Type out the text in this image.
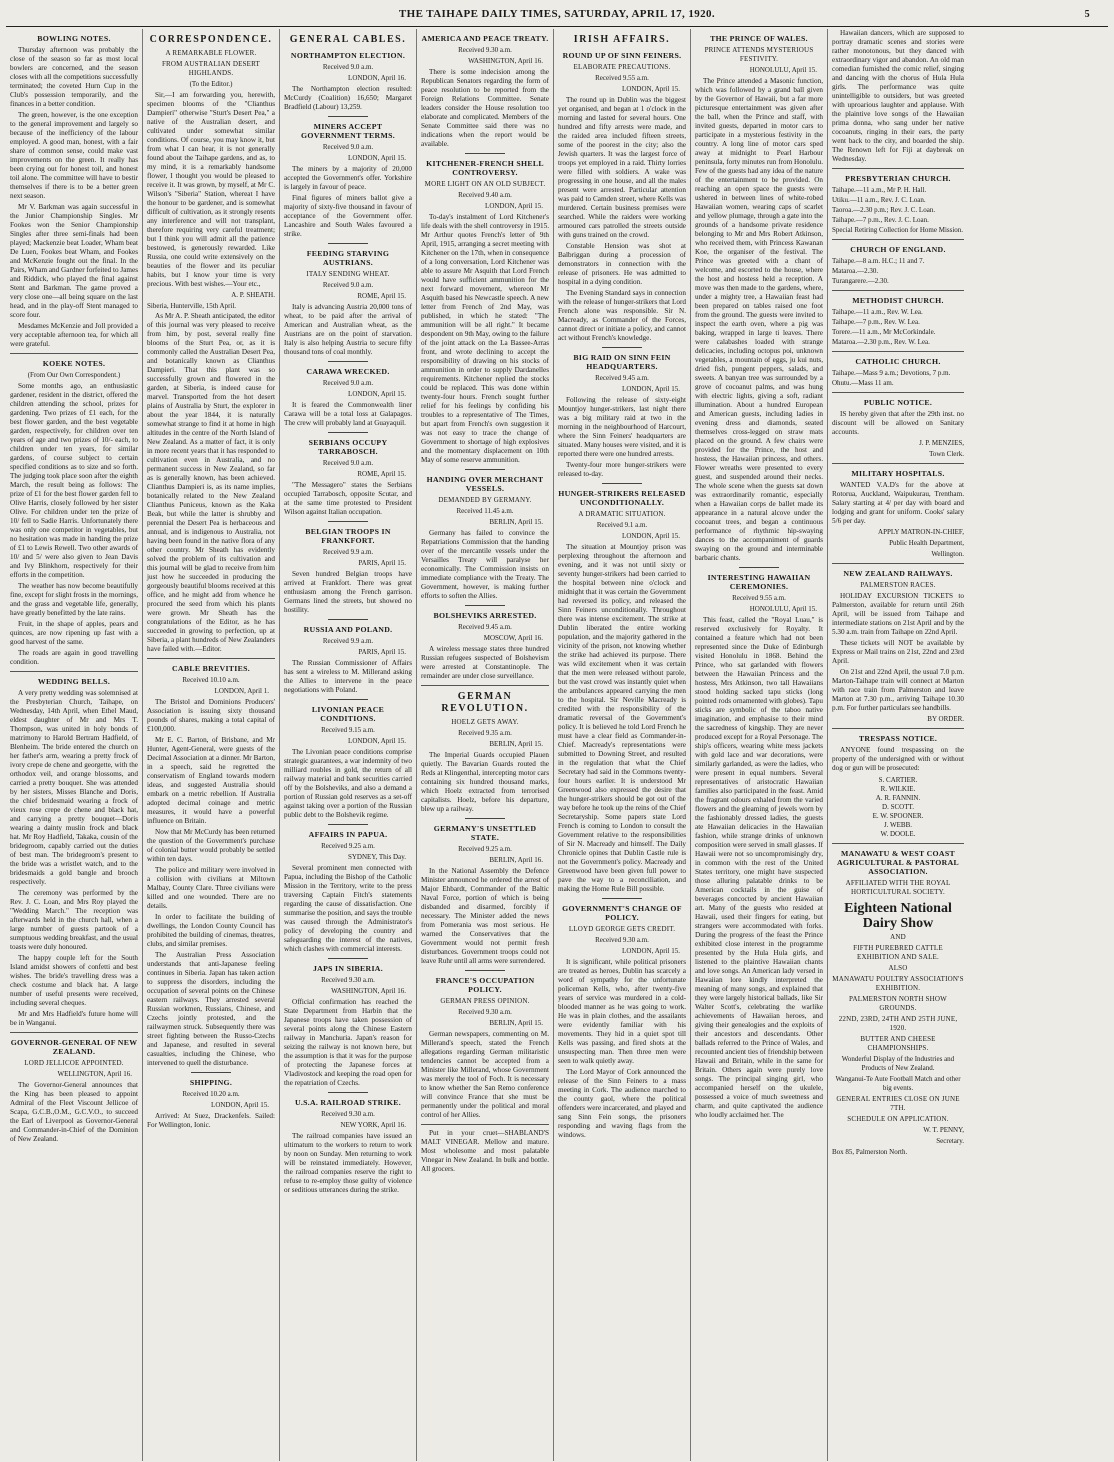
THE TAIHAPE DAILY TIMES, SATURDAY, APRIL 17, 1920.	5
BOWLING NOTES.

Thursday afternoon was probably the close of the season so far as most local bowlers are concerned, and the season closes with all the competitions successfully terminated; the coveted Hurn Cup in the Club's possession temporarily, and the finances in a better condition.

The green, however, is the one exception to the general improvement and largely so because of the inefficiency of the labour employed. A good man, honest, with a fair share of common sense, could make vast improvements on the green. It really has been crying out for honest toil, and honest toil alone. The committee will have to bestir themselves if there is to be a better green next season.

Mr V. Barkman was again successful in the Junior Championship Singles. Mr Fookes won the Senior Championship Singles after three semi-finals had been played; Mackenzie beat Loader, Wham beat De Luen, Fookes beat Wham, and Fookes and McKenzie fought out the final. In the Pairs, Wham and Gardner forfeited to James and Riddick, who played the final against Stent and Barkman. The game proved a very close one—all being square on the last head, and in the play-off Stent managed to score four.

Mesdames McKenzie and Joll provided a very acceptable afternoon tea, for which all were grateful.

KOEKE NOTES.
(From Our Own Correspondent.)

Some months ago, an enthusiastic gardener, resident in the district, offered the children attending the school, prizes for gardening. Two prizes of £1 each, for the best flower garden, and the best vegetable garden, respectively, for children over ten years of age and two prizes of 10/- each, to children under ten years, for similar gardens, of course subject to certain specified conditions as to size and so forth. The judging took place soon after the eighth March, the result being as follows: The prize of £1 for the best flower garden fell to Olive Harris, closely followed by her sister Olive. For children under ten the prize of 10/ fell to Sadie Harris. Unfortunately there was only one competitor in vegetables, but no hesitation was made in handing the prize of £1 to Lewis Rewell. Two other awards of 10/ and 5/ were also given to Jean Davis and Ivy Blinkhorn, respectively for their efforts in the competition.

The weather has now become beautifully fine, except for slight frosts in the mornings, and the grass and vegetable life, generally, have greatly benefitted by the late rains.

Fruit, in the shape of apples, pears and quinces, are now ripening up fast with a good harvest of the same.

The roads are again in good travelling condition.

WEDDING BELLS.

A very pretty wedding was solemnised at the Presbyterian Church, Taihape, on Wednesday, 14th April, when Ethel Maud, eldest daughter of Mr and Mrs T. Thompson, was united in holy bonds of matrimony to Harold Bertram Hadfield, of Blenheim. The bride entered the church on her father's arm, wearing a pretty frock of ivory crepe de chene and georgette, with the orthodox veil, and orange blossoms, and carried a pretty bouquet. She was attended by her sisters, Misses Blanche and Doris, the chief bridesmaid wearing a frock of vieux rose crepe de chene and black hat, and carrying a pretty bouquet—Doris wearing a dainty muslin frock and black hat. Mr Roy Hadfield, Takaka, cousin of the bridegroom, capably carried out the duties of best man. The bridegroom's present to the bride was a wristlet watch, and to the bridesmaids a gold bangle and brooch respectively.

The ceremony was performed by the Rev. J. C. Loan, and Mrs Roy played the "Wedding March." The reception was afterwards held in the church hall, when a large number of guests partook of a sumptuous wedding breakfast, and the usual toasts were duly honoured.

The happy couple left for the South Island amidst showers of confetti and best wishes. The bride's travelling dress was a check costume and black hat. A large number of useful presents were received, including several cheques.

Mr and Mrs Hadfield's future home will be in Wanganui.

GOVERNOR-GENERAL OF NEW ZEALAND.
LORD JELLICOE APPOINTED.
WELLINGTON, April 16.

The Governor-General announces that the King has been pleased to appoint Admiral of the Fleet Viscount Jellicoe of Scapa, G.C.B.,O.M., G.C.V.O., to succeed the Earl of Liverpool as Governor-General and Commander-in-Chief of the Dominion of New Zealand.

CORRESPONDENCE.
A REMARKABLE FLOWER.
FROM AUSTRALIAN DESERT HIGHLANDS.
(To the Editor.)

Sir,—I am forwarding you, herewith, specimen blooms of the "Clianthus Dampieri" otherwise "Sturt's Desert Pea," a native of the Australian desert, and cultivated under somewhat similar conditions. Of course, you may know it, but from what I can hear, it is not generally found about the Taihape gardens, and as, to my mind, it is a remarkably handsome flower, I thought you would be pleased to receive it. It was grown, by myself, at Mr C. Wilson's "Siberia" Station, whereat I have the honour to be gardener, and is somewhat difficult of cultivation, as it strongly resents any interference and will not transplant, therefore requiring very careful treatment; but I think you will admit all the patience bestowed, is generously rewarded. Like Russia, one could write extensively on the beauties of the flower and its peculiar habits, but I know your time is very precious. With best wishes.—Your etc.,

A. P. SHEATH.
Siberia, Hunterville, 15th April.

As Mr A. P. Sheath anticipated, the editor of this journal was very pleased to receive from him, by post, several really fine blooms of the Sturt Pea, or, as it is commonly called the Australian Desert Pea, and botanically known as Clianthus Dampieri. That this plant was so successfully grown and flowered in the garden, at Siberia, is indeed cause for marvel. Transported from the hot desert plains of Australia by Sturt, the explorer in about the year 1844, it is naturally somewhat strange to find it at home in high altitudes in the centre of the North Island of New Zealand. As a matter of fact, it is only in more recent years that it has responded to cultivation even in Australia, and no permanent success in New Zealand, so far as is generally known, has been achieved. Clianthus Dampieri is, as its name implies, botanically related to the New Zealand Clianthus Puniceus, known as the Kaka Beak, but while the latter is shrubby and perennial the Desert Pea is herbaceous and annual, and is indigenous to Australia, not having been found in the native flora of any other country. Mr Sheath has evidently solved the problem of its cultivation and this journal will be glad to receive from him just how he succeeded in producing the gorgeously beautiful blooms received at this office, and he might add from whence he procured the seed from which his plants were grown. Mr Sheath has the congratulations of the Editor, as he has succeeded in growing to perfection, up at Siberia, a plant hundreds of New Zealanders have failed with.—Editor.

CABLE BREVITIES.
Received 10.10 a.m.
LONDON, April 1.

The Bristol and Dominions Producers' Association is issuing sixty thousand pounds of shares, making a total capital of £100,000.

Mr E. C. Barton, of Brisbane, and Mr Hunter, Agent-General, were guests of the Decimal Association at a dinner. Mr Barton, in a speech, said he regretted the conservatism of England towards modern ideas, and suggested Australia should embark on a metric rebellion. If Australia adopted decimal coinage and metric measures, it would have a powerful influence on Britain.

Now that Mr McCurdy has been returned the question of the Government's purchase of colonial butter would probably be settled within ten days.

The police and military were involved in a collision with civilians at Miltown Malbay, County Clare. Three civilians were killed and one wounded. There are no details.

In order to facilitate the building of dwellings, the London County Council has prohibited the building of cinemas, theatres, clubs, and similar premises.

The Australian Press Association understands that anti-Japanese feeling continues in Siberia. Japan has taken action to suppress the disorders, including the occupation of several points on the Chinese eastern railways. They arrested several Russian workmen, Russians, Chinese, and Czechs jointly protested, and the railwaymen struck. Subsequently there was street fighting between the Russo-Czechs and Japanese, and resulted in several casualties, including the Chinese, who intervened to quell the disturbance.

SHIPPING.
Received 10.20 a.m.
LONDON, April 15.

Arrived: At Suez, Drackenfels. Sailed: For Wellington, Ionic.

GENERAL CABLES.
NORTHAMPTON ELECTION.
Received 9.0 a.m.
LONDON, April 16.

The Northampton election resulted: McCurdy (Coalition) 16,650; Margaret Bradfield (Labour) 13,259.

MINERS ACCEPT GOVERNMENT TERMS.
Received 9.0 a.m.
LONDON, April 15.

The miners by a majority of 20,000 accepted the Government's offer. Yorkshire is largely in favour of peace.

Final figures of miners ballot give a majority of sixty-five thousand in favour of acceptance of the Government offer. Lancashire and South Wales favoured a strike.

FEEDING STARVING AUSTRIANS.
ITALY SENDING WHEAT.
Received 9.0 a.m.
ROME, April 15.

Italy is advancing Austria 20,000 tons of wheat, to be paid after the arrival of American and Australian wheat, as the Austrians are on the point of starvation. Italy is also helping Austria to secure fifty thousand tons of coal monthly.

CARAWA WRECKED.
Received 9.0 a.m.
LONDON, April 15.

It is feared the Commonwealth liner Carawa will be a total loss at Galapagos. The crew will probably land at Guayaquil.

SERBIANS OCCUPY TARRABOSCH.
Received 9.0 a.m.
ROME, April 15.

"The Messagero" states the Serbians occupied Tarrabosch, opposite Scutar, and at the same time protested to President Wilson against Italian occupation.

BELGIAN TROOPS IN FRANKFORT.
Received 9.9 a.m.
PARIS, April 15.

Seven hundred Belgian troops have arrived at Frankfort. There was great enthusiasm among the French garrison. Germans lined the streets, but showed no hostility.

RUSSIA AND POLAND.
Received 9.9 a.m.
PARIS, April 15.

The Russian Commissioner of Affairs has sent a wireless to M. Millerand asking the Allies to intervene in the peace negotiations with Poland.

LIVONIAN PEACE CONDITIONS.
Received 9.15 a.m.
LONDON, April 15.

The Livonian peace conditions comprise strategic guarantees, a war indemnity of two milliard roubles in gold, the return of all railway material and bank securities carried off by the Bolsheviks, and also a demand a portion of Russian gold reserves as a set-off against taking over a portion of the Russian public debt to the Bolshevik regime.

AFFAIRS IN PAPUA.
Received 9.25 a.m.
SYDNEY, This Day.

Several prominent men connected with Papua, including the Bishop of the Catholic Mission in the Territory, write to the press traversing Captain Fitch's statements regarding the cause of dissatisfaction. One summarise the position, and says the trouble was caused through the Administrator's policy of developing the country and safeguarding the interest of the natives, which clashes with commercial interests.

JAPS IN SIBERIA.
Received 9.30 a.m.
WASHINGTON, April 16.

Official confirmation has reached the State Department from Harbin that the Japanese troops have taken possession of several points along the Chinese Eastern railway in Manchuria. Japan's reason for seizing the railway is not known here, but the assumption is that it was for the purpose of protecting the Japanese forces at Vladivostock and keeping the road open for the repatriation of Czechs.

U.S.A. RAILROAD STRIKE.
Received 9.30 a.m.
NEW YORK, April 16.

The railroad companies have issued an ultimatum to the workers to return to work by noon on Sunday. Men returning to work will be reinstated immediately. However, the railroad companies reserve the right to refuse to re-employ those guilty of violence or seditious utterances during the strike.

AMERICA AND PEACE TREATY.
Received 9.30 a.m.
WASHINGTON, April 16.

There is some indecision among the Republican Senators regarding the form of peace resolution to be reported from the Foreign Relations Committee. Senate leaders consider the House resolution too elaborate and complicated. Members of the Senate Committee said there was no indications when the report would be available.

KITCHENER-FRENCH SHELL CONTROVERSY.
MORE LIGHT ON AN OLD SUBJECT.
Received 9.40 a.m.
LONDON, April 15.

To-day's instalment of Lord Kitchener's life deals with the shell controversy in 1915. Mr Arthur quotes French's letter of 9th April, 1915, arranging a secret meeting with Kitchener on the 17th, when in consequence of a long conversation, Lord Kitchener was able to assure Mr Asquith that Lord French would have sufficient ammunition for the next forward movement, whereon Mr Asquith based his Newcastle speech. A new letter from French of 2nd May, was published, in which he stated: "The ammunition will be all right." It became despondent on 9th May, owing to the failure of the joint attack on the La Bassee-Arras front, and wrote declining to accept the responsibility of drawing on his stocks of ammunition in order to supply Dardanelles requirements. Kitchener replied the stocks could be replaced. This was done within twenty-four hours. French sought further relief for his feelings by confiding his troubles to a representative of The Times, but apart from French's own suggestion it was not easy to trace the change of Government to shortage of high explosives and the momentary displacement on 10th May of some reserve ammunition.

HANDING OVER MERCHANT VESSELS.
DEMANDED BY GERMANY.
Received 11.45 a.m.
BERLIN, April 15.

Germany has failed to convince the Repatriations Commission that the handing over of the mercantile vessels under the Versailles Treaty will paralyse her economically. The Commission insists on immediate compliance with the Treaty. The Government, however, is making further efforts to soften the Allies.

BOLSHEVIKS ARRESTED.
Received 9.45 a.m.
MOSCOW, April 16.

A wireless message states three hundred Russian refugees suspected of Bolshevism were arrested at Constantinople. The remainder are under close surveillance.

GERMAN REVOLUTION.
HOELZ GETS AWAY.
Received 9.35 a.m.
BERLIN, April 15.

The Imperial Guards occupied Plauen quietly. The Bavarian Guards routed the Reds at Klingenthal, intercepting motor cars containing six hundred thousand marks, which Hoelz extracted from terrorised capitalists. Hoelz, before his departure, blew up a railway.

GERMANY'S UNSETTLED STATE.
Received 9.25 a.m.
BERLIN, April 16.

In the National Assembly the Defence Minister announced he ordered the arrest of Major Ehbardt, Commander of the Baltic Naval Force, portion of which is being disbanded and disarmed, forcibly if necessary. The Minister added the news from Pomerania was most serious. He warned the Conservatives that the Government would not permit fresh disturbances. Government troops could not leave Ruhr until all arms were surrendered.

FRANCE'S OCCUPATION POLICY.
GERMAN PRESS OPINION.
Received 9.30 a.m.
BERLIN, April 15.

German newspapers, commenting on M. Millerand's speech, stated the French allegations regarding German militaristic tendencies cannot be accepted from a Minister like Millerand, whose Government was merely the tool of Foch. It is necessary to know whether the San Remo conference will convince France that she must be permanently under the political and moral control of her Allies.

Put in your cruet—SHABLAND'S MALT VINEGAR. Mellow and mature. Most wholesome and most palatable Vinegar in New Zealand. In bulk and bottle. All grocers.

IRISH AFFAIRS.
ROUND UP OF SINN FEINERS.
ELABORATE PRECAUTIONS.
Received 9.55 a.m.
LONDON, April 15.

The round up in Dublin was the biggest yet organised, and began at 1 o'clock in the morning and lasted for several hours. One hundred and fifty arrests were made, and the raided area included fifteen streets, some of the poorest in the city; also the Jewish quarters. It was the largest force of troops yet employed in a raid. Thirty lorries were filled with soldiers. A wake was progressing in one house, and all the males present were arrested. Particular attention was paid to Camden street, where Kells was murdered. Certain business premises were searched. While the raiders were working armoured cars patrolled the streets outside with guns trained on the crowd.

Constable Hension was shot at Balbriggan during a procession of demonstrators in connection with the release of prisoners. He was admitted to hospital in a dying condition.

The Evening Standard says in connection with the release of hunger-strikers that Lord French alone was responsible. Sir N. Macready, as Commander of the Forces, cannot direct or initiate a policy, and cannot act without French's knowledge.

BIG RAID ON SINN FEIN HEADQUARTERS.
Received 9.45 a.m.
LONDON, April 15.

Following the release of sixty-eight Mountjoy hunger-strikers, last night there was a big military raid at two in the morning in the neighbourhood of Harcourt, where the Sinn Feiners' headquarters are situated. Many houses were visited, and it is reported there were one hundred arrests.

Twenty-four more hunger-strikers were released to-day.

HUNGER-STRIKERS RELEASED UNCONDITIONALLY.
A DRAMATIC SITUATION.
Received 9.1 a.m.
LONDON, April 15.

The situation at Mountjoy prison was perplexing throughout the afternoon and evening, and it was not until sixty or seventy hunger-strikers had been carried to the hospital between nine o'clock and midnight that it was certain the Government had reversed its policy, and released the Sinn Feiners unconditionally. Throughout there was intense excitement. The strike at Dublin liberated the entire working population, and the majority gathered in the vicinity of the prison, not knowing whether the strike had achieved its purpose. There was wild excitement when it was certain that the men were released without parole, but the vast crowd was instantly quiet when the ambulances appeared carrying the men to the hospital. Sir Neville Macready is credited with the responsibility of the dramatic reversal of the Government's policy. It is believed he told Lord French he must have a clear field as Commander-in-Chief. Macready's representations were submitted to Downing Street, and resulted in the regulation that what the Chief Secretary had said in the Commons twenty-four hours earlier. It is understood Mr Greenwood also expressed the desire that the hunger-strikers should be got out of the way before he took up the reins of the Chief Secretaryship. Some papers state Lord French is coming to London to consult the Government relative to the responsibilities of Sir N. Macready and himself. The Daily Chronicle opines that Dublin Castle rule is not the Government's policy. Macready and Greenwood have been given full power to pave the way to a reconciliation, and making the Home Rule Bill possible.

GOVERNMENT'S CHANGE OF POLICY.
LLOYD GEORGE GETS CREDIT.
Received 9.30 a.m.
LONDON, April 15.

It is significant, while political prisoners are treated as heroes, Dublin has scarcely a word of sympathy for the unfortunate policeman Kells, who, after twenty-five years of service was murdered in a cold-blooded manner as he was going to work. He was in plain clothes, and the assailants were evidently familiar with his movements. They hid in a quiet spot till Kells was passing, and fired shots at the unsuspecting man. Then three men were seen to walk quietly away.

The Lord Mayor of Cork announced the release of the Sinn Feiners to a mass meeting in Cork. The audience marched to the county gaol, where the political offenders were incarcerated, and played and sang Sinn Fein songs, the prisoners responding and waving flags from the windows.

THE PRINCE OF WALES.
PRINCE ATTENDS MYSTERIOUS FESTIVITY.
HONOLULU, April 15.

The Prince attended a Masonic function, which was followed by a grand ball given by the Governor of Hawaii, but a far more picturesque entertainment was given after the ball, when the Prince and staff, with invited guests, departed in motor cars to participate in a mysterious festivity in the country. A long line of motor cars sped away at midnight to Pearl Harbour peninsula, forty minutes run from Honolulu. Few of the guests had any idea of the nature of the entertainment to be provided. On reaching an open space the guests were ushered in between lines of white-robed Hawaiian women, wearing caps of scarlet and yellow plumage, through a gate into the grounds of a handsome private residence belonging to Mr and Mrs Robert Atkinson, who received them, with Princess Kawanan Koe, the organiser of the festival. The Prince was greeted with a chant of welcome, and escorted to the house, where the host and hostess held a reception. A move was then made to the gardens, where, under a mighty tree, a Hawaiian feast had been prepared on tables raised one foot from the ground. The guests were invited to inspect the earth oven, where a pig was baking, wrapped in large ti leaves. There were calabashes loaded with strange delicacies, including octopus poi, unknown vegetables, a mountain of eggs, ju kui nuts, dried fish, pungent peppers, salads, and sweets. A banyan tree was surrounded by a grove of cocoanut palms, and was hung with electric lights, giving a soft, radiant illumination. About a hundred European and American guests, including ladies in evening dress and diamonds, seated themselves cross-legged on straw mats placed on the ground. A few chairs were provided for the Prince, the host and hostess, the Hawaiian princess, and others. Flower wreaths were presented to every guest, and suspended around their necks. The whole scene when the guests sat down was extraordinarily romantic, especially when a Hawaiian corps de ballet made its appearance in a natural alcove under the cocoanut trees, and began a continuous performance of rhythmic hip-swaying dances to the accompaniment of guards swaying on the ground and interminable barbaric chants.

INTERESTING HAWAIIAN CEREMONIES.
Received 9.55 a.m.
HONOLULU, April 15.

This feast, called the "Royal Luau," is reserved exclusively for Royalty. It contained a feature which had not been represented since the Duke of Edinburgh visited Honolulu in 1868. Behind the Prince, who sat garlanded with flowers between the Hawaiian Princess and the hostess, Mrs Atkinson, two tall Hawaiians stood holding sacked tapu sticks (long pointed rods ornamented with globes). Tapu sticks are symbolic of the taboo native imagination, and emphasise to their mind the sacredness of kingship. They are never produced except for a Royal Personage. The ship's officers, wearing white mess jackets with gold lace and war decorations, were similarly garlanded, as were the ladies, who were present in equal numbers. Several representatives of aristocratic Hawaiian families also participated in the feast. Amid the fragrant odours exhaled from the varied flowers and the gleaming of jewels worn by the fashionably dressed ladies, the guests ate Hawaiian delicacies in the Hawaiian fashion, while strange drinks of unknown composition were served in small glasses. If Hawaii were not so uncompromisingly dry, in common with the rest of the United States territory, one might have suspected those alluring palatable drinks to be American cocktails in the guise of beverages concocted by ancient Hawaiian art. Many of the guests who resided at Hawaii, used their fingers for eating, but strangers were accommodated with forks. During the progress of the feast the Prince exhibited close interest in the programme presented by the Hula Hula girls, and listened to the plaintive Hawaiian chants and love songs. An American lady versed in Hawaiian lore kindly interpreted the meaning of many songs, and explained that they were largely historical ballads, like Sir Walter Scott's, celebrating the warlike achievements of Hawaiian heroes, and giving their genealogies and the exploits of their ancestors and descendants. Other ballads referred to the Prince of Wales, and recounted ancient ties of friendship between Hawaii and Britain, while in the same for Britain. Others again were purely love songs. The principal singing girl, who accompanied herself on the ukulele, possessed a voice of much sweetness and charm, and quite captivated the audience who loudly acclaimed her. The

Hawaiian dancers, which are supposed to portray dramatic scenes and stories were rather monotonous, but they danced with extraordinary vigor and abandon. An old man comedian furnished the comic relief, singing and dancing with the chorus of Hula Hula girls. The performance was quite unintelligible to outsiders, but was greeted with uproarious laughter and applause. With the plaintive love songs of the Hawaiian prima donna, who sang under her native cocoanuts, ringing in their ears, the party went back to the city, and boarded the ship. The Renown left for Fiji at daybreak on Wednesday.

PRESBYTERIAN CHURCH.
Taihape.—11 a.m., Mr P. H. Hall.
Utiku.—11 a.m., Rev. J. C. Loan.
Taoroa.—2.30 p.m.; Rev. J. C. Loan.
Taihape.—7 p.m., Rev. J. C. Loan.
Special Retiring Collection for Home Mission.
CHURCH OF ENGLAND.
Taihape.—8 a.m. H.C.; 11 and 7.
Mataroa.—2.30.
Turangarere.—2.30.
METHODIST CHURCH.
Taihape.—11 a.m., Rev. W. Lea.
Taihape.—7 p.m., Rev. W. Lea.
Torere.—11 a.m., Mr McCorkindale.
Mataroa.—2.30 p.m., Rev. W. Lea.
CATHOLIC CHURCH.
Taihape.—Mass 9 a.m.; Devotions, 7 p.m.
Ohutu.—Mass 11 am.
PUBLIC NOTICE.

IS hereby given that after the 29th inst. no discount will be allowed on Sanitary accounts.

J. P. MENZIES,
Town Clerk.
MILITARY HOSPITALS.

WANTED V.A.D's for the above at Rotorua, Auckland, Waipukurau, Trentham. Salary starting at 4/ per day with board and lodging and grant for uniform. Cooks' salary 5/6 per day.

APPLY MATRON-IN-CHIEF,
Public Health Department,
Wellington.
NEW ZEALAND RAILWAYS.
PALMERSTON RACES.

HOLIDAY EXCURSION TICKETS to Palmerston, available for return until 26th April, will be issued from Taihape and intermediate stations on 21st April and by the 5.30 a.m. train from Taihape on 22nd April.

These tickets will NOT be available by Express or Mail trains on 21st, 22nd and 23rd April.

On 21st and 22nd April, the usual 7.0 p.m. Marton-Taihape train will connect at Marton with race train from Palmerston and leave Marton at 7.30 p.m., arriving Taihape 10.30 p.m. For further particulars see handbills.

BY ORDER.
TRESPASS NOTICE.

ANYONE found trespassing on the property of the undersigned with or without dog or gun will be prosecuted:

S. CARTIER.
R. WILKIE.
A. R. FANNIN.
D. SCOTT.
E. W. SPOONER.
J. WEBB.
W. DOOLE.
MANAWATU & WEST COAST AGRICULTURAL & PASTORAL ASSOCIATION.
AFFILIATED WITH THE ROYAL HORTICULTURAL SOCIETY.
Eighteen National Dairy Show
AND
FIFTH PUREBRED CATTLE EXHIBITION AND SALE.
ALSO
MANAWATU POULTRY ASSOCIATION'S EXHIBITION.
PALMERSTON NORTH SHOW GROUNDS.
22ND, 23RD, 24TH AND 25TH JUNE, 1920.
BUTTER AND CHEESE CHAMPIONSHIPS.
Wonderful Display of the Industries and Products of New Zealand.
Wanganui-Te Aute Football Match and other big events.
GENERAL ENTRIES CLOSE ON JUNE 7TH.
SCHEDULE ON APPLICATION.
W. T. PENNY,
Secretary.
Box 85, Palmerston North.
